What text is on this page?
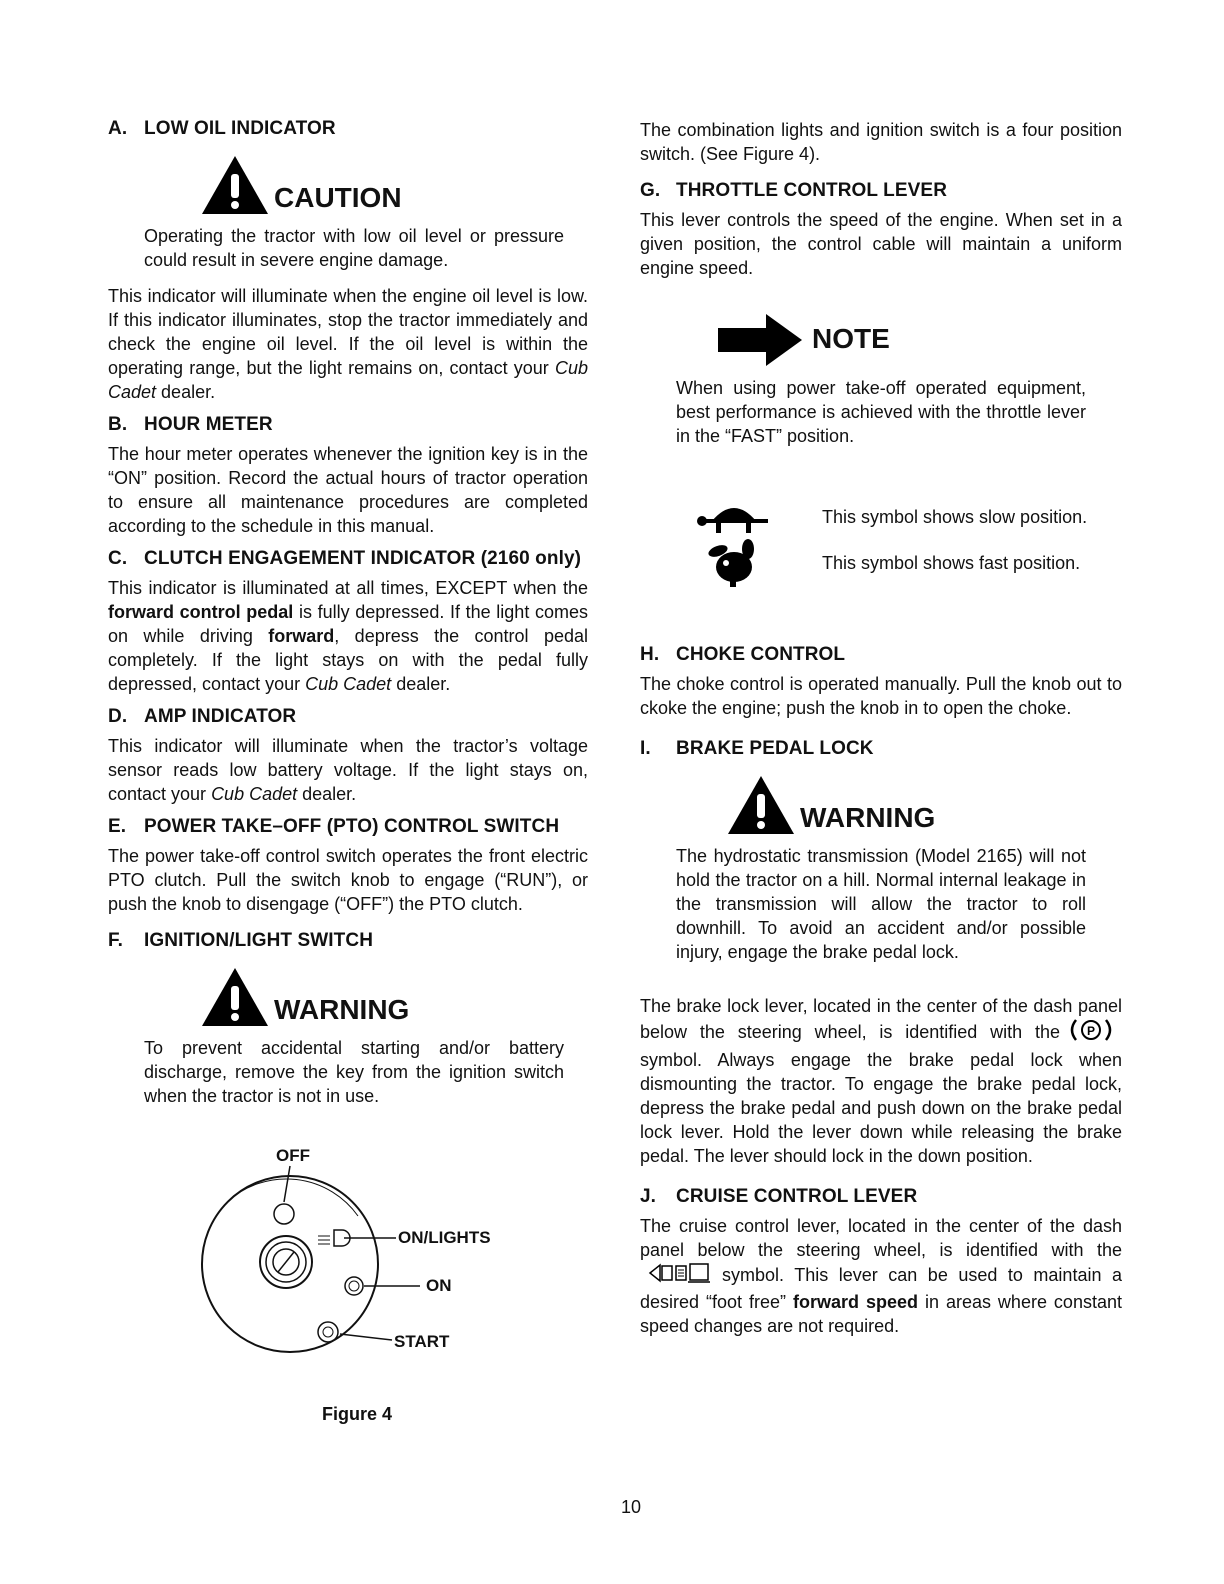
A. LOW OIL INDICATOR
CAUTION
Operating the tractor with low oil level or pressure could result in severe engine damage.
This indicator will illuminate when the engine oil level is low. If this indicator illuminates, stop the tractor immediately and check the engine oil level. If the oil level is within the operating range, but the light remains on, contact your Cub Cadet dealer.
B. HOUR METER
The hour meter operates whenever the ignition key is in the “ON” position. Record the actual hours of tractor operation to ensure all maintenance procedures are completed according to the schedule in this manual.
C. CLUTCH ENGAGEMENT INDICATOR (2160 only)
This indicator is illuminated at all times, EXCEPT when the forward control pedal is fully depressed. If the light comes on while driving forward, depress the control pedal completely. If the light stays on with the pedal fully depressed, contact your Cub Cadet dealer.
D. AMP INDICATOR
This indicator will illuminate when the tractor’s voltage sensor reads low battery voltage. If the light stays on, contact your Cub Cadet dealer.
E. POWER TAKE–OFF (PTO) CONTROL SWITCH
The power take-off control switch operates the front electric PTO clutch. Pull the switch knob to engage (“RUN”), or push the knob to disengage (“OFF”) the PTO clutch.
F. IGNITION/LIGHT SWITCH
WARNING
To prevent accidental starting and/or battery discharge, remove the key from the ignition switch when the tractor is not in use.
OFF
ON/LIGHTS
ON
START
Figure 4
The combination lights and ignition switch is a four position switch. (See Figure 4).
G. THROTTLE CONTROL LEVER
This lever controls the speed of the engine. When set in a given position, the control cable will maintain a uniform engine speed.
NOTE
When using power take-off operated equipment, best performance is achieved with the throttle lever in the “FAST” position.
This symbol shows slow position.
This symbol shows fast position.
H. CHOKE CONTROL
The choke control is operated manually. Pull the knob out to ckoke the engine; push the knob in to open the choke.
I. BRAKE PEDAL LOCK
WARNING
The hydrostatic transmission (Model 2165) will not hold the tractor on a hill. Normal internal leakage in the transmission will allow the tractor to roll downhill. To avoid an accident and/or possible injury, engage the brake pedal lock.
The brake lock lever, located in the center of the dash panel below the steering wheel, is identified with the P
symbol. Always engage the brake pedal lock when dismounting the tractor. To engage the brake pedal lock, depress the brake pedal and push down on the brake pedal lock lever. Hold the lever down while releasing the brake pedal. The lever should lock in the down position.
J. CRUISE CONTROL LEVER
The cruise control lever, located in the center of the dash panel below the steering wheel, is identified with thesymbol. This lever can be used to maintain a desired “foot free” forward speed in areas where constant speed changes are not required.
10
